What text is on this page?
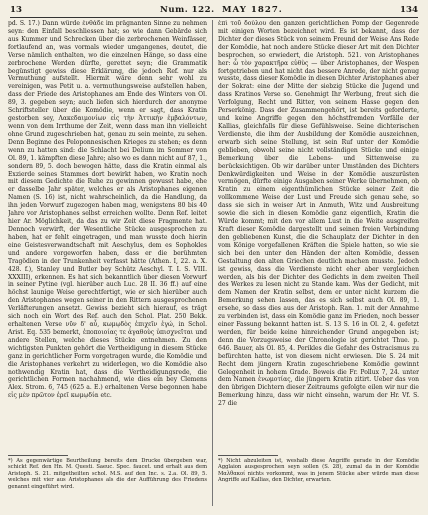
13	Num. 122. MAY 1827.	134
pd. S. 17.) Dann würde ἐνθάδε im prägnanten Sinne zu nehmen seyn: den Einfall beschliessen hat; so wie dann Gebärde sich aus Kummer und Schrecken über die zerbrochenen Weinfässer, fortlaufend an, was vormals wieder umgangenes, deutet, die Verse nämlich enthalten, wo die einzelnen Hänge, so dass eine zerbrochene Werden dürfte, gerettet seyn; die Grammatik begünstigt gewiss diese Erklärung, die jedoch Ref. nur als Vermuthung aufstellt. Hiermit wäre denn sehr wohl zu vereinigen, was Petit u. a. vermuthungsweise aufstellen haben, dass der Friede des Aristophanes am Ende des Winters von Ol. 89, 3. gegeben seyn; auch liefen sich hierdurch der anonyme Schriftsteller über die Komödie, wenn er sagt, dass Kratin gestorben sey, Λακεδαιμονίων εἰς τὴν Ἀττικὴν ἐμβαλόντων, wenn von dem Irrthume der Zeit, wenn dass man ihn vielleicht ohne Grund zugeschrieben hat, genau zu sein meinte, zu sehen. Denn Beginne des Peloponnesischen Krieges zu stehen; es denn wenn zu hatten sind: die Schlacht bei Delium im Sommer von Ol. 89, 1. kämpften diese Jahre; also wo es dann nicht auf 87, 1., sondern 89, 5. doch bewogen hätte, dass die Kratin einmal als Exzierde seines Stammes dort bewirkt haben, wo Kratin noch mit diesem Gedichte die Ruhe zu gewinnen gewusst habe, ehe er dasselbe Jahr später, welches er als Aristophanes eigenen Namen (S. 16) ist, nicht wahrscheinlich, da die Handlung, da ihn jeden Vorwurf zugezogen haben mag, wenigstens 80 bis 40 Jahre vor Aristophanes selbst erreichen wollte. Denn Ref. leitet hier Ar. Möglichkeit, da das zu wir Zeit diese Fragmente hat. Dennoch verwirft, der Wesentliche Stücke ausgesprochen zu haben, hat er fehlt eingetragen, und man wusste doch hierin eine Geistesverwandtschaft mit Aeschylus, dem es Sophokles und andere vorgeworfen haben, dass er die berühmten Tragödien in der Trunkenheit verfasst hätte (Athen. I, 22. a. X. 428. f.), Stanley und Butler bey Schütz Aeschyl. T. I. S. VIII. XXXIII), erkennen. Es hat sich bekanntlich über diesen Vorwurf in seiner Pytine (vgl. hierüber auch Luc. 28 II. 36 ff.) auf eine höchst launige Weise gerechtfertigt, wie er sich hierüber auch den Aristophanes wegen seiner in den Rittern ausgesprochenen Verläfterungen ansetzt. Gewiss bezieht sich hierauf, es trägt sich noch ein Wort des Ref. auch den Schol. Plat. 250 Bekk. erhaltenen Verse νῦν δ' αὖ, κωμῳδὸς ἐπιχεῖν ἐγώ, in Schol. Arist. Eq. 535 bemerkt, ἐποποιοίας τε ἀγαθοὺς ὑπισχνεῖται und andere Stellen, welche dieses Stücke entnehmen. Zu den wichtigsten Punkten gehört die Vertheidigung in diesem Stücke ganz in gerichtlicher Form vorgetragen wurde, die Komödie und die Aristophanes verkehrt zu widerlegen, wo die Komödie also nothwendig Kratin hat, dass die Vertheidigungsrede, die gerichtlichen Formen nachahmend, wie dies ein bey Clemens Alex. Strom. 6, 745 (625 a. E.) erhaltenen Verse begonnen habe εἰς μὲν πρῶτον ἐρεῖ κωμῳδία etc.
*) As gegenwärtige Beurtheilung bereits dem Drucke übergeben war, schickt Ref. den Hn. M. Questi. Saeuc. Spec. faucet. und erhalt aus dem Aristoph. S. 21. mitgetheilten schol. M.S. auf den Inc. s. 2.a. Ol. 89, 5. welches mit vier aus Aristophanes als die der Aufführung des Friedens genannt eingeführt wird.
ἐπὶ τοῦ δούλου den ganzen gerichtlichen Pomp der Gegenrede mit einigen Worten bezeichnet wird. Es ist bekannt, dass der Dichter der dieses Stück von seinem Freund der Weise Ans Rede der Komödie, hat noch andere Stücke dieser Art mit den Dichter besprochen, so erwiedert, die Aristoph. 521. von Aristophanes her: ὦ τὸν χαρακτῆρα εὐθὺς — über Aristophanes, der Wespen fortgetrieben und hat nicht das bessere Anrede, der nicht genug wusste, dass dieser Komödie in diesen Dichter Aristophanes aber der Sokrat: eine der Mitte der siebzig Stücke die Jugend und dass Kratinos Verse so. Genehmigt Ihr Werbung, freut sich die Verfolgung, Recht und Ritter, von seinem Hasse gegen den Perserkönig. Dass der Zusammengehört, ist bereits geforderte, und keine Angriffe gegen den höchstfremden Vorfälle der Kallias, gleichfalls für diese Gefühlsweise. Seine dichterischen Verdienste, die ihm der Ausbildung der Komödie auszeichnen, erwarb sich seine Stellung, ist sein Ruf unter der Komödie geblieben, obwohl seine nicht vollständigen Stücke und einige Bemerkung über die Lebens- und Sittenweise zu berücksichtigen. Ob wir darüber unter Umständen des Dichters Denkwürdigkeiten und Weise in der Komödie auszurüsten vermögen, dürfte einige Ausgaben seiner Werke übernehmen, ob Kratin zu einem eigenthümlichen Stücke seiner Zeit die vollkommene Weise der Lust und Freude sich genau sehe, so dass sie sich in weiser Art in Anmuth, Witz und Ausbreitung sowie die sich in diesen Komödie ganz eigentlich, Kratin die Würde kommt; mit den vor allem Lust in die Weite ausgreifen Kraft dieser Komödie dargestellt und seinen freien Verbindung den gebliebenen Kunst, die die Schauplatz der Dichter in den vom Könige vorgefallenen Kräften die Spiele hatten, so wie sie sich bei den unter den Händen der alten Komödie, dessen Gestaltung den alten Griechen deutlich machen musste. Jedoch ist gewiss, dass die Verdienste nicht eher aber vergleichen werden, als bis der Dichter des Gedichts in dem zweiten Theil des Werkes zu lesen nicht zu Stande kam. Was der Gedicht, mit dem Namen der Kratin selbst, dem er unter nicht kurzem die Bemerkung sehen lassen, das es sich selbst auch Ol. 89, 1. ersehe, so dass dies aus der Aristoph. Ran. 1. mit der Annahme zu verbinden ist, dass ein Komödie ganz im Frieden, noch besser einer Fassung bekannt hatten ist. S. 13 S. 16 in Ol. 2, 4. gefetzt werden, für beide keine hinreichender Grund angegeben ist; denn die Vorzugsweise der Chronologie ist gerichtet Thue. p. 646. Bauer, als Ol. 85, 4. Perikles die Gefahr des Ostracismus zu befürchten hatte, ist von diesem nicht erwiesen. Die S. 24 mit Recht dem jüngern Kratin zugeschriebene Komödie gewinnt Gelegenheit in hohem Grade. Beweis die Fr. Pollux 7, 24. unter dem Namen ἐνωμοτίας, die jüngern Kratin zitirt. Ueber das von den übrigen Dichtern dieser Zeitraums gefolgte eilen wir nur die Bemerkung hinzu, dass wir nicht einsehn, warum der Hr. Vf. S. 27 die
*) Nicht abzuleiten ist, weshalb diese Angriffe gerade in der Komödie Agglaion ausgesprochen seyn sollen (S. 28), zumal da in der Komödie Μαλθακοί nichts vorkommt, was in jenem Stücke aber würde man diese Angriffe auf Kallias, den Dichter, erwarten.
